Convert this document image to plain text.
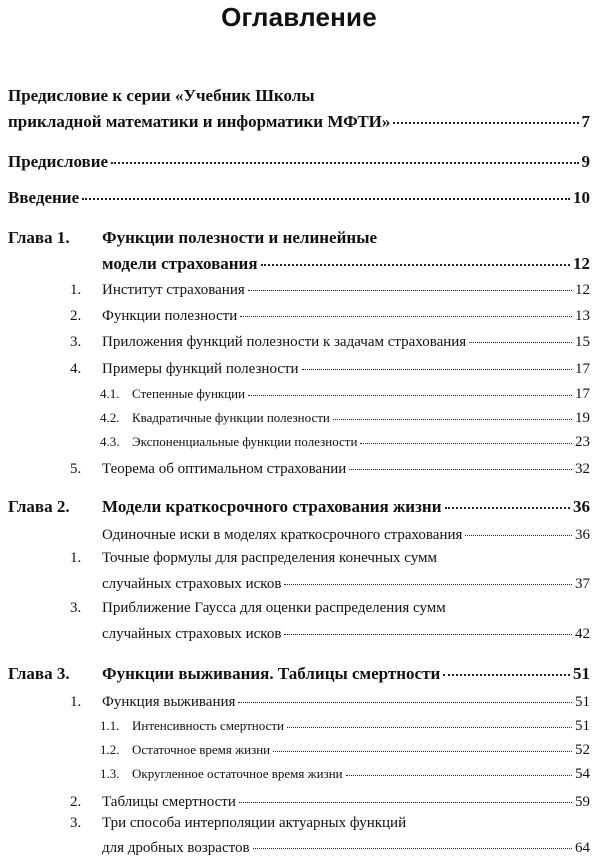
Оглавление
Предисловие к серии «Учебник Школы
прикладной математики и информатики МФТИ»	7
Предисловие	9
Введение	10
Глава 1.	Функции полезности и нелинейные
модели страхования	12
1.	Институт страхования	12
2.	Функции полезности	13
3.	Приложения функций полезности к задачам страхования	15
4.	Примеры функций полезности	17
4.1. Степенные функции	17
4.2. Квадратичные функции полезности	19
4.3. Экспоненциальные функции полезности	23
5.	Теорема об оптимальном страховании	32
Глава 2.	Модели краткосрочного страхования жизни	36
Одиночные иски в моделях краткосрочного страхования	36
1.	Точные формулы для распределения конечных сумм
случайных страховых исков	37
3.	Приближение Гаусса для оценки распределения сумм
случайных страховых исков	42
Глава 3.	Функции выживания. Таблицы смертности	51
1.	Функция выживания	51
1.1. Интенсивность смертности	51
1.2. Остаточное время жизни	52
1.3. Округленное остаточное время жизни	54
2.	Таблицы смертности	59
3.	Три способа интерполяции актуарных функций
для дробных возрастов	64
